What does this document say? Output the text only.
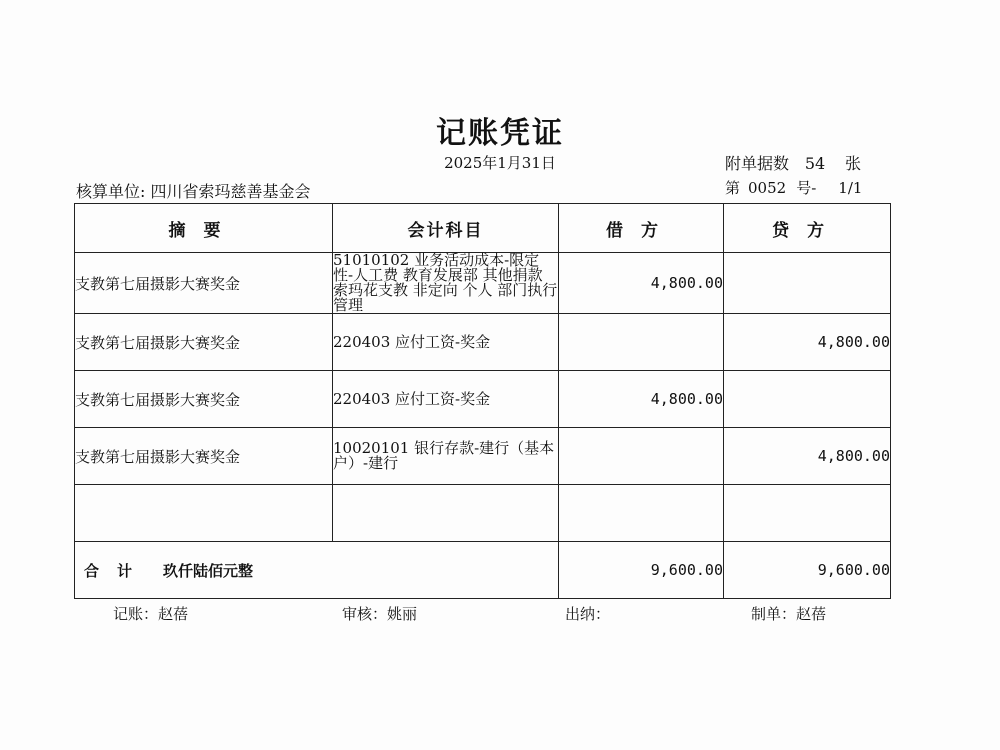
记账凭证
2025年1月31日	附单据数 54 张
核算单位: 四川省索玛慈善基金会	第 0052 号- 1/1
摘要	会计科目	借方	贷方
支教第七届摄影大赛奖金	51010102 业务活动成本-限定性-人工费 教育发展部 其他捐款 索玛花支教 非定向 个人 部门执行管理	4,800.00	
支教第七届摄影大赛奖金	220403 应付工资-奖金		4,800.00
支教第七届摄影大赛奖金	220403 应付工资-奖金	4,800.00	
支教第七届摄影大赛奖金	10020101 银行存款-建行（基本户）-建行		4,800.00

合计 玖仟陆佰元整		9,600.00	9,600.00
记账：赵蓓	审核：姚丽	出纳：	制单：赵蓓
